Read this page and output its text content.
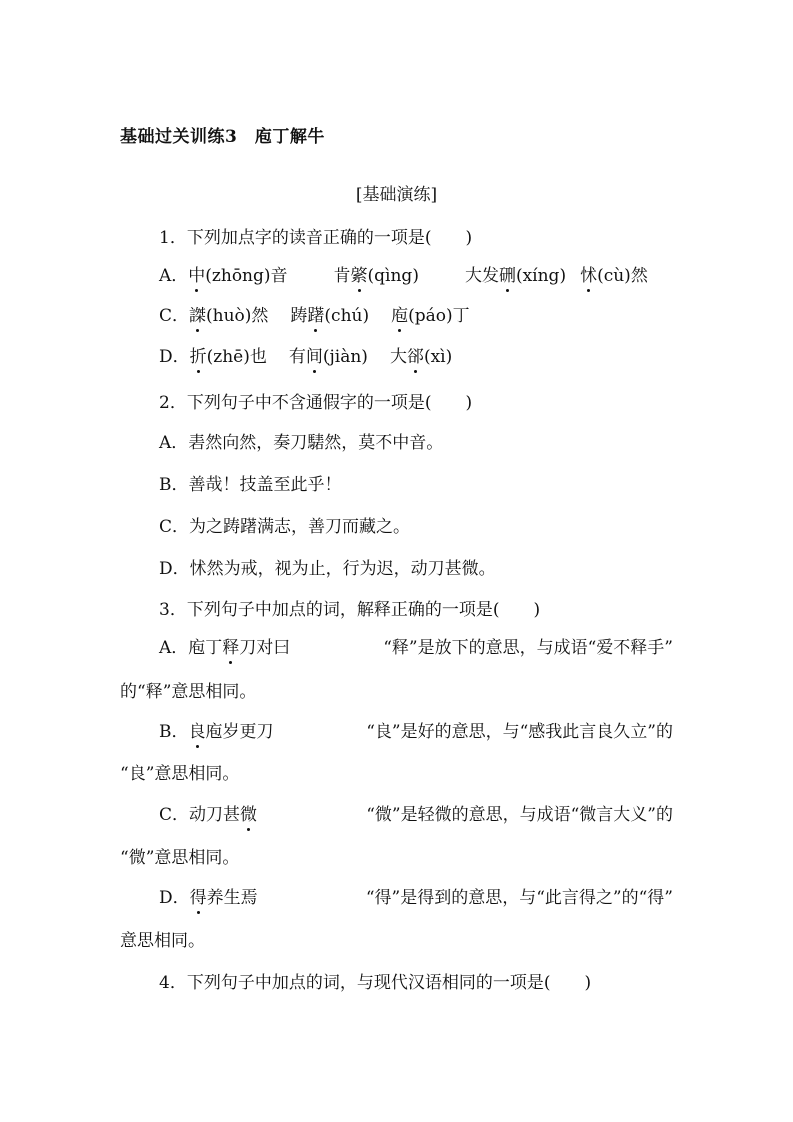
基础过关训练3　庖丁解牛
[基础演练]
1．下列加点字的读音正确的一项是(　　)
A．中(zhōng)音	肯綮(qìng)	大发硎(xíng) 怵(cù)然
C．謋(huò)然 踌躇(chú) 庖(páo)丁
D．折(zhē)也 有间(jiàn) 大郤(xì)
2．下列句子中不含通假字的一项是(　　)
A．砉然向然，奏刀騞然，莫不中音。
B．善哉！技盖至此乎！
C．为之踌躇满志，善刀而藏之。
D．怵然为戒，视为止，行为迟，动刀甚微。
3．下列句子中加点的词，解释正确的一项是(　　)
A．庖丁释刀对曰	“释”是放下的意思，与成语“爱不释手”
的“释”意思相同。
B．良庖岁更刀	“良”是好的意思，与“感我此言良久立”的
“良”意思相同。
C．动刀甚微	“微”是轻微的意思，与成语“微言大义”的
“微”意思相同。
D．得养生焉	“得”是得到的意思，与“此言得之”的“得”
意思相同。
4．下列句子中加点的词，与现代汉语相同的一项是(　　)
